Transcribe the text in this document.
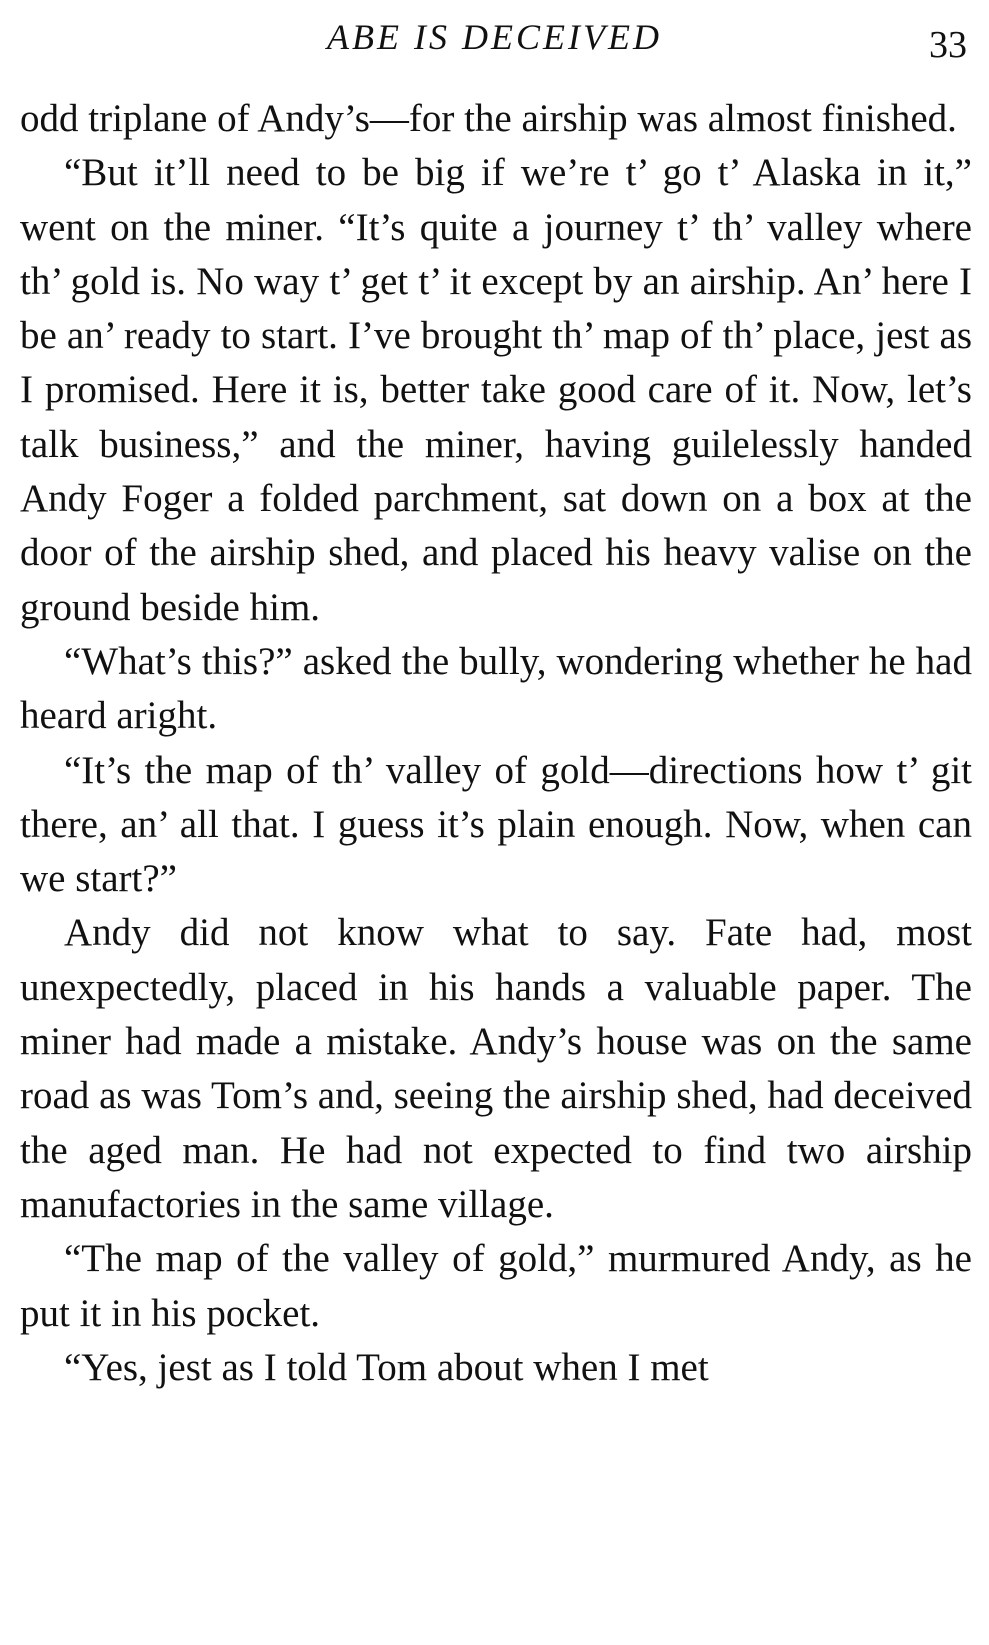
ABE IS DECEIVED	33

odd triplane of Andy’s—for the airship was almost finished.

“But it’ll need to be big if we’re t’ go t’ Alaska in it,” went on the miner. “It’s quite a journey t’ th’ valley where th’ gold is. No way t’ get t’ it except by an airship. An’ here I be an’ ready to start. I’ve brought th’ map of th’ place, jest as I promised. Here it is, better take good care of it. Now, let’s talk business,” and the miner, having guilelessly handed Andy Foger a folded parchment, sat down on a box at the door of the airship shed, and placed his heavy valise on the ground beside him.

“What’s this?” asked the bully, wondering whether he had heard aright.

“It’s the map of th’ valley of gold—directions how t’ git there, an’ all that. I guess it’s plain enough. Now, when can we start?”

Andy did not know what to say. Fate had, most unexpectedly, placed in his hands a valuable paper. The miner had made a mistake. Andy’s house was on the same road as was Tom’s and, seeing the airship shed, had deceived the aged man. He had not expected to find two airship manufactories in the same village.

“The map of the valley of gold,” murmured Andy, as he put it in his pocket.

“Yes, jest as I told Tom about when I met
